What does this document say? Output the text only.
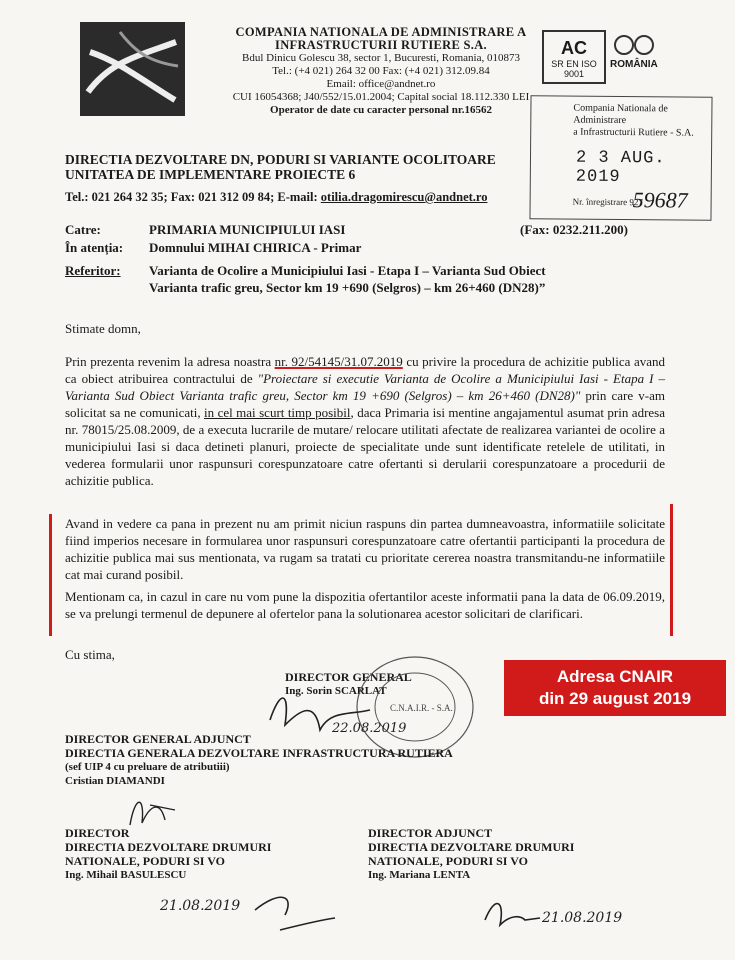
COMPANIA NATIONALA DE ADMINISTRARE A
INFRASTRUCTURII RUTIERE S.A.
Bdul Dinicu Golescu 38, sector 1, Bucuresti, Romania, 010873
Tel.: (+4 021) 264 32 00 Fax: (+4 021) 312.09.84
Email: office@andnet.ro
CUI 16054368; J40/552/15.01.2004; Capital social 18.112.330 LEI
Operator de date cu caracter personal nr.16562
AC
SR EN ISO 9001
ROMÂNIA
Compania Nationala de Administrare
a Infrastructurii Rutiere - S.A.
2 3 AUG. 2019
Nr. înregistrare 927
59687
DIRECTIA DEZVOLTARE DN, PODURI SI VARIANTE OCOLITOARE
UNITATEA DE IMPLEMENTARE PROIECTE 6
Tel.: 021 264 32 35; Fax: 021 312 09 84; E-mail: otilia.dragomirescu@andnet.ro
Catre:	PRIMARIA MUNICIPIULUI IASI	(Fax: 0232.211.200)
În atenția: Domnului MIHAI CHIRICA - Primar
Referitor: Varianta de Ocolire a Municipiului Iasi - Etapa I – Varianta Sud Obiect
Varianta trafic greu, Sector km 19 +690 (Selgros) – km 26+460 (DN28)”
Stimate domn,
Prin prezenta revenim la adresa noastra nr. 92/54145/31.07.2019 cu privire la procedura de achizitie publica avand ca obiect atribuirea contractului de "Proiectare si executie Varianta de Ocolire a Municipiului Iasi - Etapa I – Varianta Sud Obiect Varianta trafic greu, Sector km 19 +690 (Selgros) – km 26+460 (DN28)" prin care v-am solicitat sa ne comunicati, in cel mai scurt timp posibil, daca Primaria isi mentine angajamentul asumat prin adresa nr. 78015/25.08.2009, de a executa lucrarile de mutare/ relocare utilitati afectate de realizarea variantei de ocolire a municipiului Iasi si daca detineti planuri, proiecte de specialitate unde sunt identificate retelele de utilitati, in vederea formularii unor raspunsuri corespunzatoare catre ofertanti si derularii corespunzatoare a procedurii de achizitie publica.
Avand in vedere ca pana in prezent nu am primit niciun raspuns din partea dumneavoastra, informatiile solicitate fiind imperios necesare in formularea unor raspunsuri corespunzatoare catre ofertantii participanti la procedura de achizitie publica mai sus mentionata, va rugam sa tratati cu prioritate cererea noastra transmitandu-ne informatiile cat mai curand posibil.
Mentionam ca, in cazul in care nu vom pune la dispozitia ofertantilor aceste informatii pana la data de 06.09.2019, se va prelungi termenul de depunere al ofertelor pana la solutionarea acestor solicitari de clarificari.
Cu stima,
DIRECTOR GENERAL
Ing. Sorin SCARLAT
C.N.A.I.R. - S.A.
22.08.2019
Adresa CNAIR
din 29 august 2019
DIRECTOR GENERAL ADJUNCT
DIRECTIA GENERALA DEZVOLTARE INFRASTRUCTURA RUTIERA
(sef UIP 4 cu preluare de atributiii)
Cristian DIAMANDI
DIRECTOR
DIRECTIA DEZVOLTARE DRUMURI
NATIONALE, PODURI SI VO
Ing. Mihail BASULESCU
DIRECTOR ADJUNCT
DIRECTIA DEZVOLTARE DRUMURI
NATIONALE, PODURI SI VO
Ing. Mariana LENTA
21.08.2019
21.08.2019
